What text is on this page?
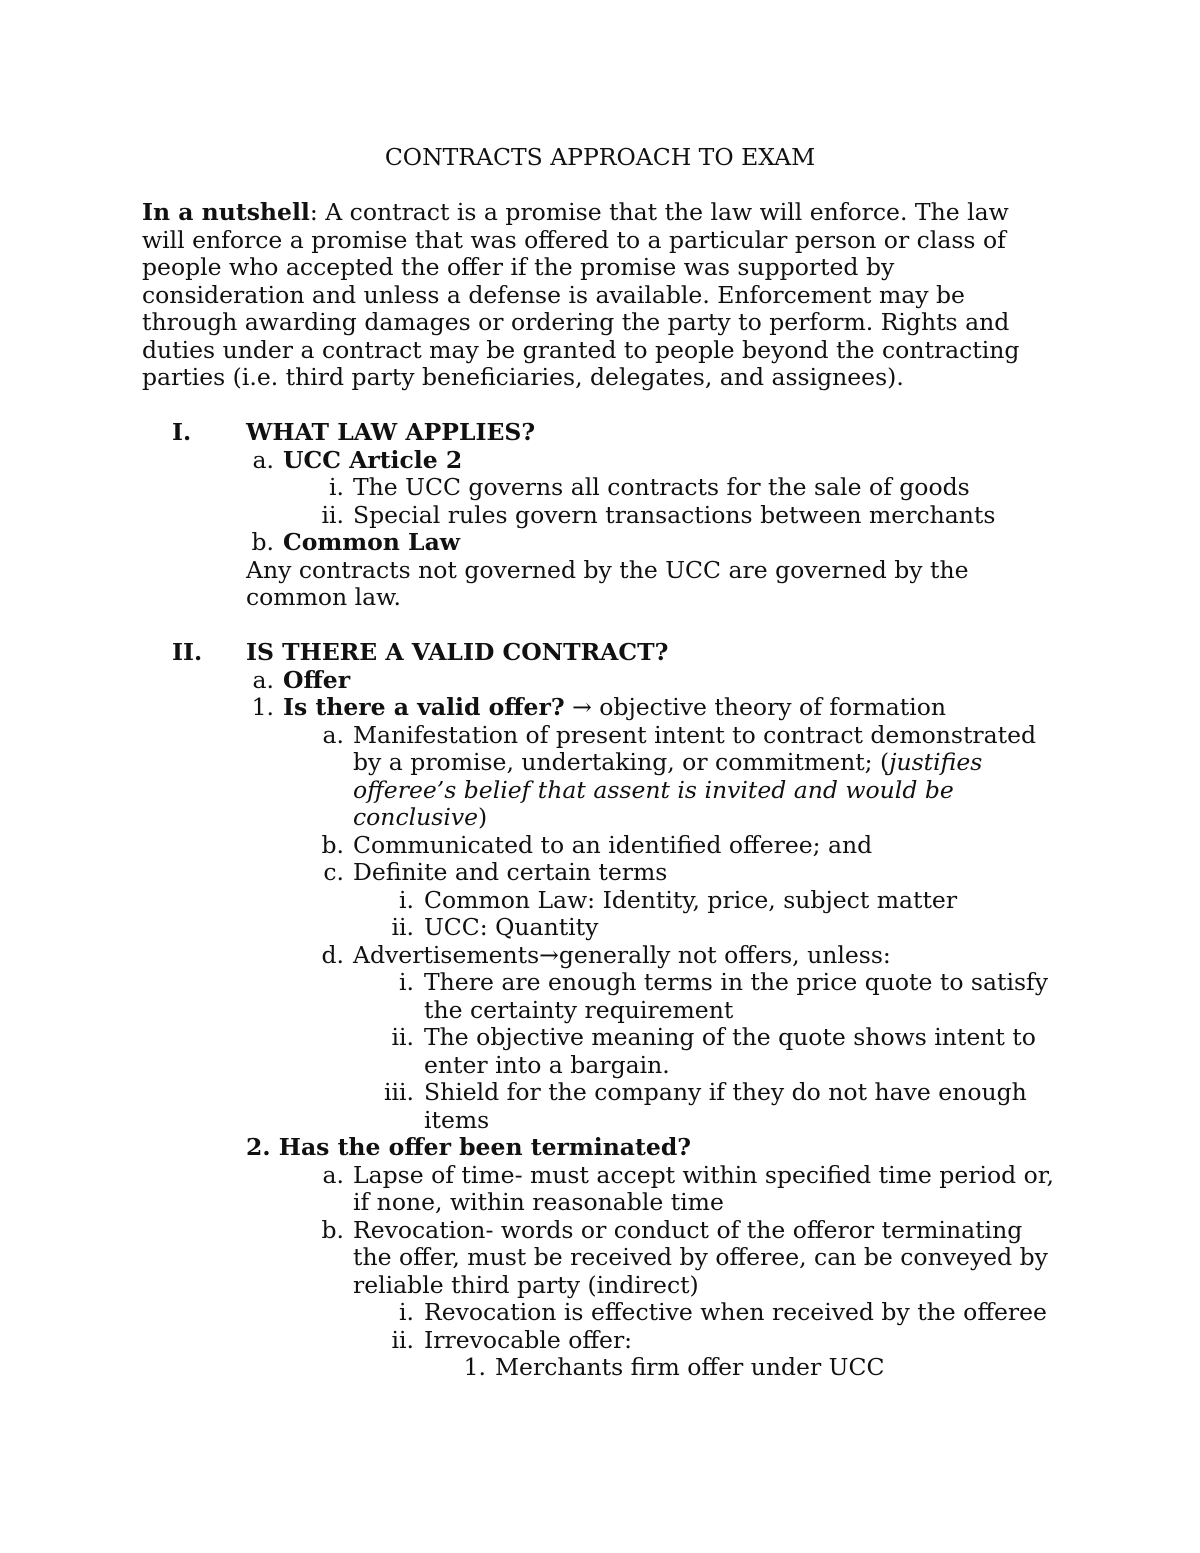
CONTRACTS APPROACH TO EXAM
In a nutshell: A contract is a promise that the law will enforce. The law
will enforce a promise that was offered to a particular person or class of
people who accepted the offer if the promise was supported by
consideration and unless a defense is available. Enforcement may be
through awarding damages or ordering the party to perform. Rights and
duties under a contract may be granted to people beyond the contracting
parties (i.e. third party beneficiaries, delegates, and assignees).
I. WHAT LAW APPLIES?
a. UCC Article 2
i. The UCC governs all contracts for the sale of goods
ii. Special rules govern transactions between merchants
b. Common Law
Any contracts not governed by the UCC are governed by the
common law.
II. IS THERE A VALID CONTRACT?
a. Offer
1. Is there a valid offer? → objective theory of formation
a. Manifestation of present intent to contract demonstrated
by a promise, undertaking, or commitment; (justifies
offeree’s belief that assent is invited and would be
conclusive)
b. Communicated to an identified offeree; and
c. Definite and certain terms
i. Common Law: Identity, price, subject matter
ii. UCC: Quantity
d. Advertisements→generally not offers, unless:
i. There are enough terms in the price quote to satisfy
the certainty requirement
ii. The objective meaning of the quote shows intent to
enter into a bargain.
iii. Shield for the company if they do not have enough
items
2. Has the offer been terminated?
a. Lapse of time- must accept within specified time period or,
if none, within reasonable time
b. Revocation- words or conduct of the offeror terminating
the offer, must be received by offeree, can be conveyed by
reliable third party (indirect)
i. Revocation is effective when received by the offeree
ii. Irrevocable offer:
1. Merchants firm offer under UCC
